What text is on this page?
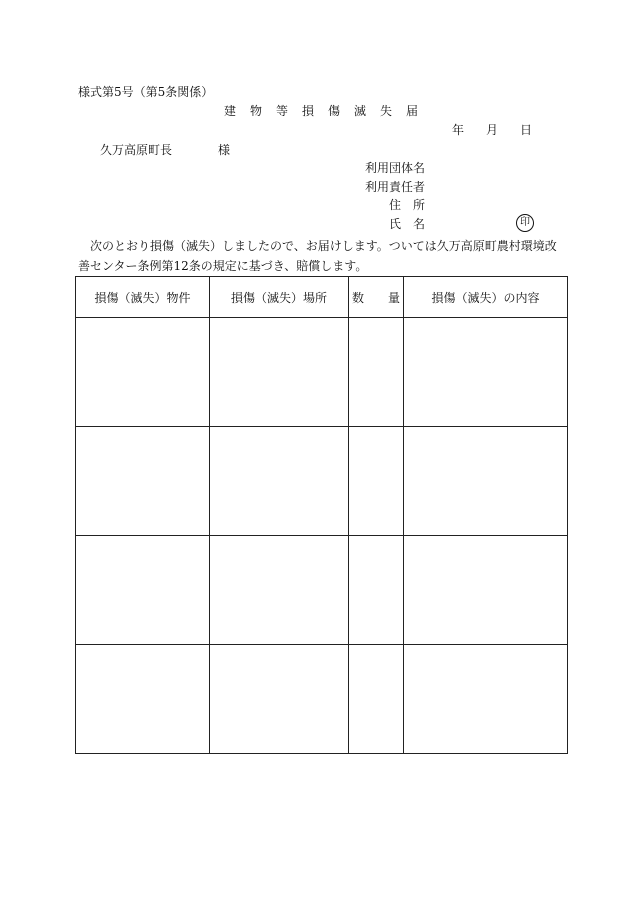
様式第5号（第5条関係）
建物等損傷滅失届
年 月 日
久万高原町長	様
利用団体名
利用責任者
住　所
氏　名	印
次のとおり損傷（滅失）しましたので、お届けします。ついては久万高原町農村環境改善センター条例第12条の規定に基づき、賠償します。
損傷（滅失）物件	損傷（滅失）場所	数　　量	損傷（滅失）の内容
